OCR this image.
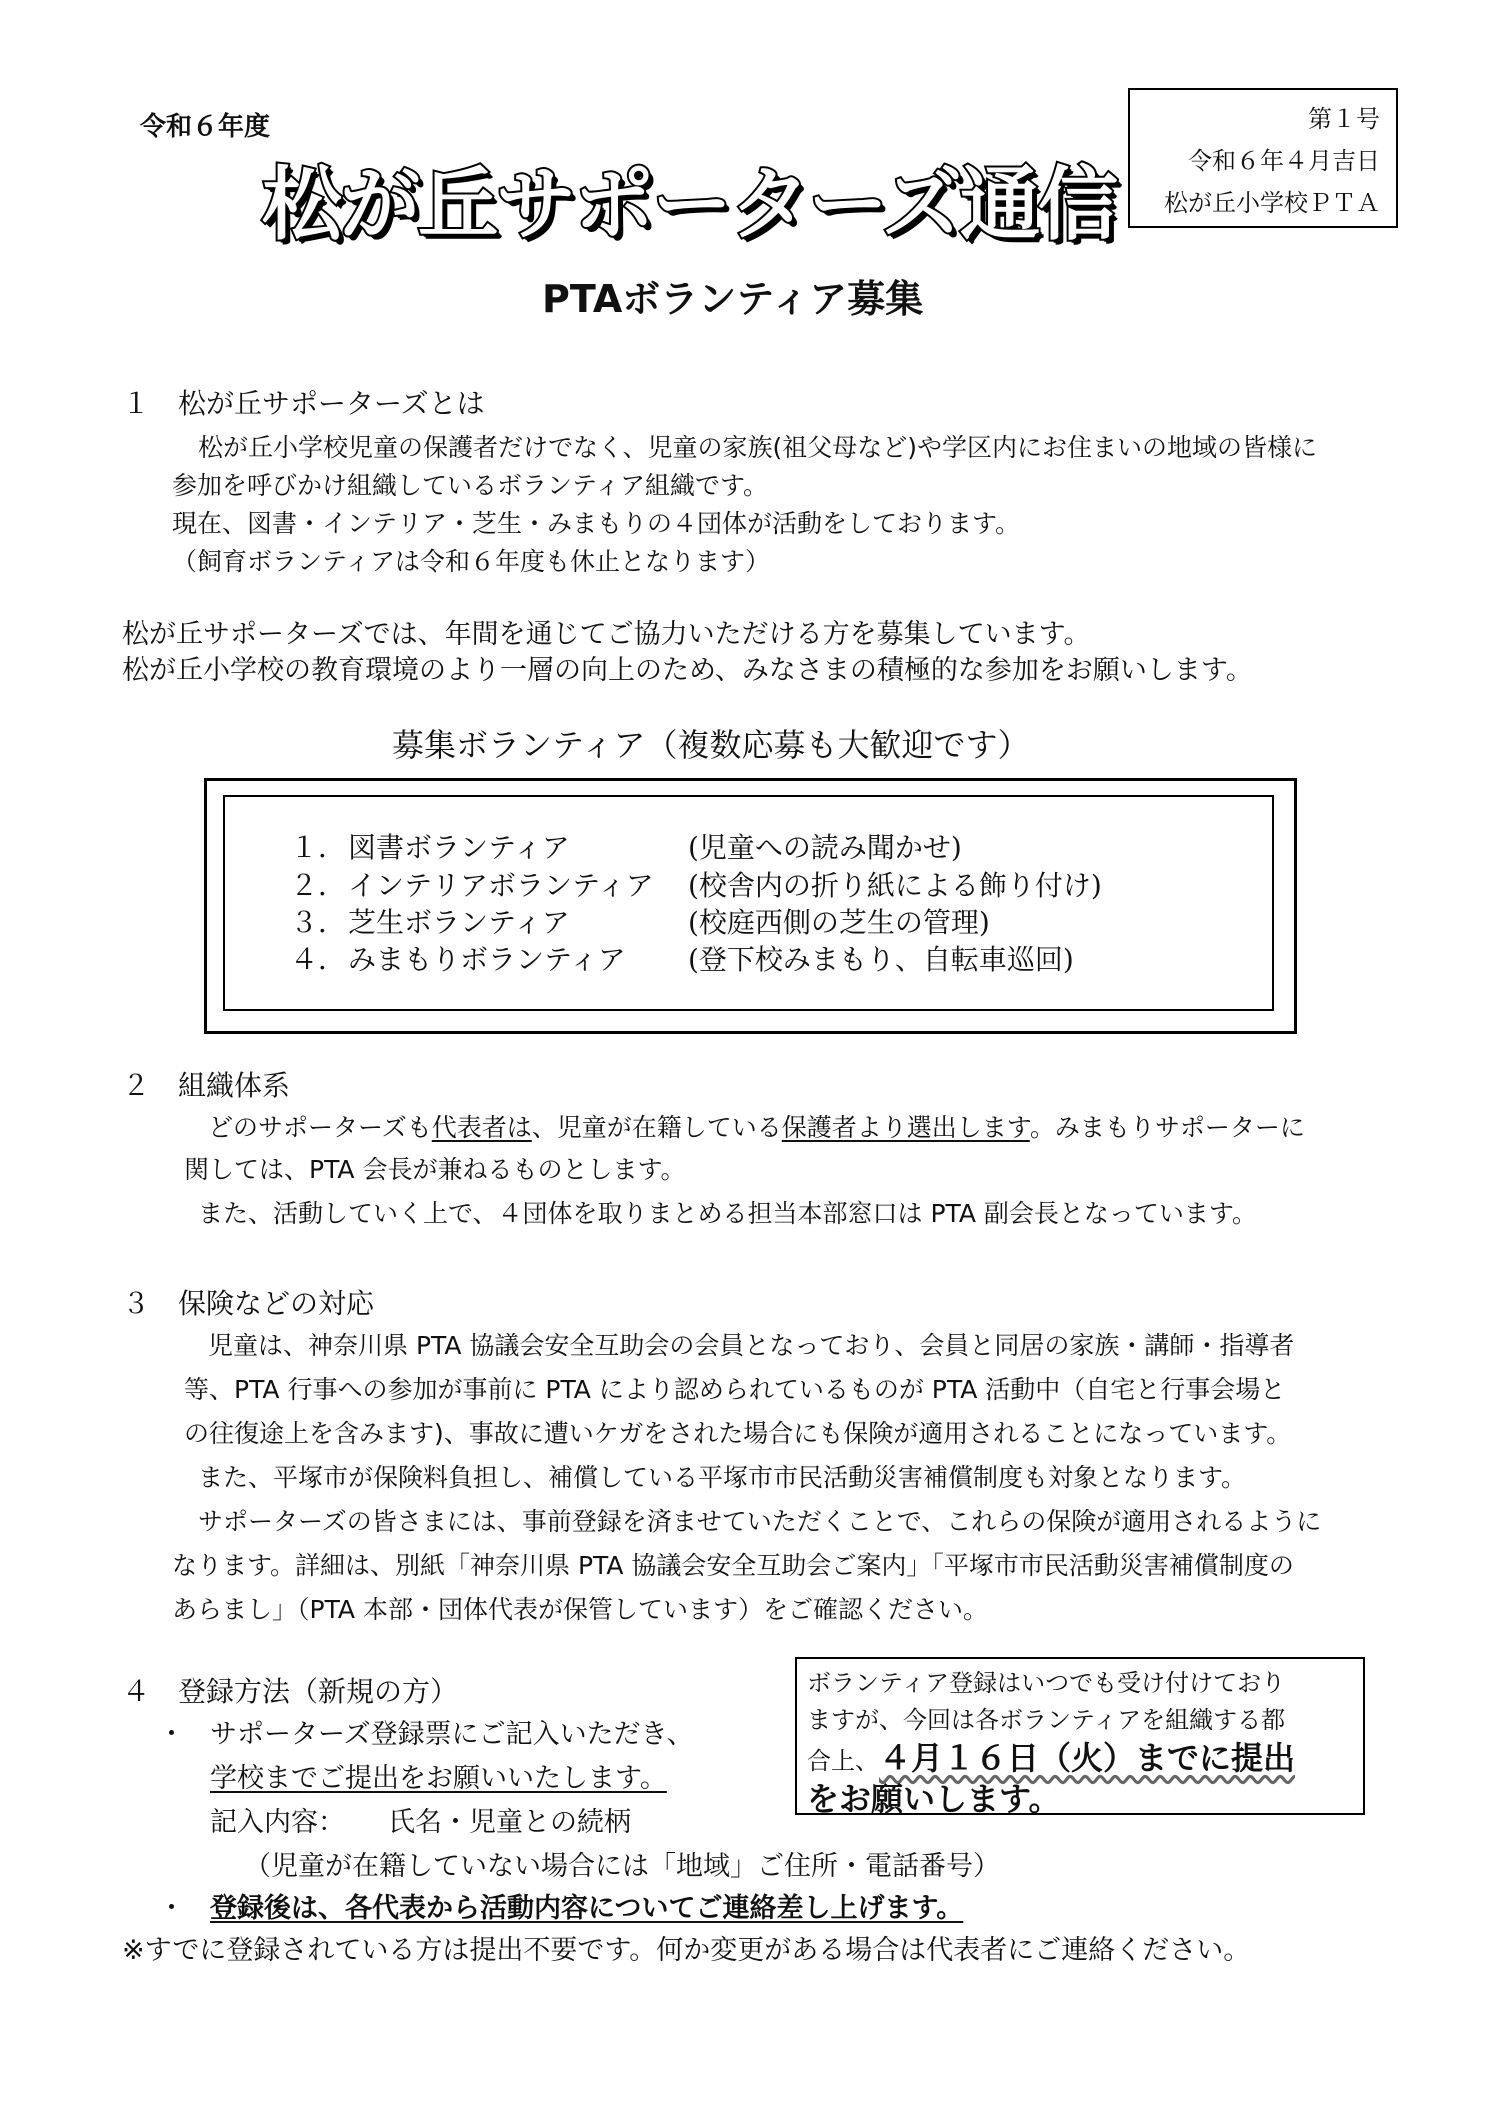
令和６年度
松が丘サポーターズ通信
第１号
令和６年４月吉日
松が丘小学校ＰＴＡ
PTAボランティア募集
１　松が丘サポーターズとは
松が丘小学校児童の保護者だけでなく、児童の家族(祖父母など)や学区内にお住まいの地域の皆様に
参加を呼びかけ組織しているボランティア組織です。
現在、図書・インテリア・芝生・みまもりの４団体が活動をしております。
（飼育ボランティアは令和６年度も休止となります）
松が丘サポーターズでは、年間を通じてご協力いただける方を募集しています。
松が丘小学校の教育環境のより一層の向上のため、みなさまの積極的な参加をお願いします。
募集ボランティア（複数応募も大歓迎です）
１． 図書ボランティア	(児童への読み聞かせ)
２． インテリアボランティア (校舎内の折り紙による飾り付け)
３． 芝生ボランティア	(校庭西側の芝生の管理)
４． みまもりボランティア (登下校みまもり、自転車巡回)
２　組織体系
どのサポーターズも代表者は、児童が在籍している保護者より選出します。みまもりサポーターに
関しては、PTA 会長が兼ねるものとします。
また、活動していく上で、４団体を取りまとめる担当本部窓口は PTA 副会長となっています。
３　保険などの対応
児童は、神奈川県 PTA 協議会安全互助会の会員となっており、会員と同居の家族・講師・指導者
等、PTA 行事への参加が事前に PTA により認められているものが PTA 活動中（自宅と行事会場と
の往復途上を含みます)、事故に遭いケガをされた場合にも保険が適用されることになっています。
また、平塚市が保険料負担し、補償している平塚市市民活動災害補償制度も対象となります。
サポーターズの皆さまには、事前登録を済ませていただくことで、これらの保険が適用されるように
なります。詳細は、別紙「神奈川県 PTA 協議会安全互助会ご案内」「平塚市市民活動災害補償制度の
あらまし」（PTA 本部・団体代表が保管しています）をご確認ください。
４　登録方法（新規の方）
・ サポーターズ登録票にご記入いただき、
学校までご提出をお願いいたします。
記入内容： 氏名・児童との続柄
（児童が在籍していない場合には「地域」ご住所・電話番号）
・ 登録後は、各代表から活動内容についてご連絡差し上げます。
※すでに登録されている方は提出不要です。何か変更がある場合は代表者にご連絡ください。
ボランティア登録はいつでも受け付けており
ますが、今回は各ボランティアを組織する都
合上、４月１６日（火）までに提出
をお願いします。
